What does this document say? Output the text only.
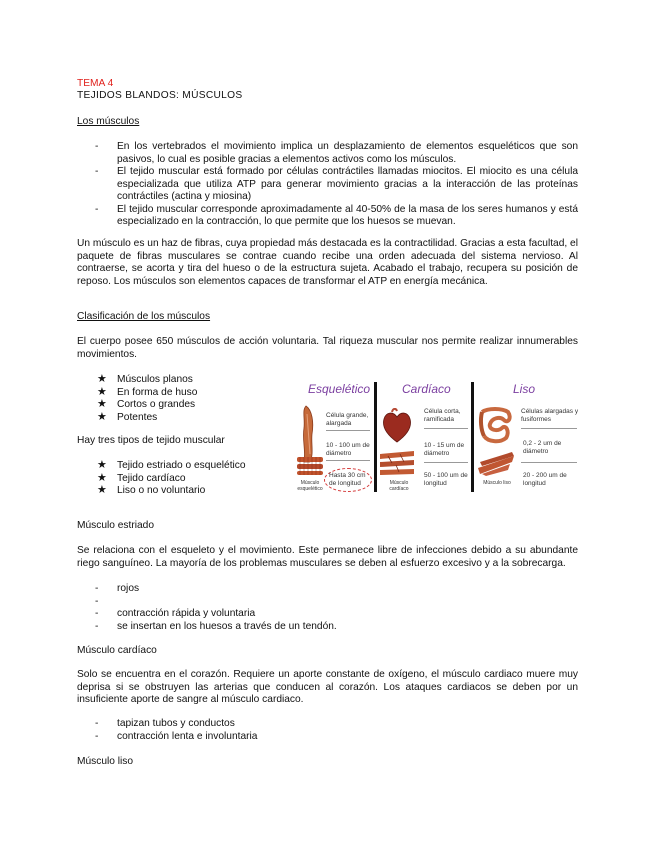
TEMA 4
TEJIDOS BLANDOS: MÚSCULOS
Los músculos
-	En los vertebrados el movimiento implica un desplazamiento de elementos esqueléticos que son pasivos, lo cual es posible gracias a elementos activos como los músculos.
-	El tejido muscular está formado por células contráctiles llamadas miocitos. El miocito es una célula especializada que utiliza ATP para generar movimiento gracias a la interacción de las proteínas contráctiles (actina y miosina)
-	El tejido muscular corresponde aproximadamente al 40-50% de la masa de los seres humanos y está especializado en la contracción, lo que permite que los huesos se muevan.
Un músculo es un haz de fibras, cuya propiedad más destacada es la contractilidad. Gracias a esta facultad, el paquete de fibras musculares se contrae cuando recibe una orden adecuada del sistema nervioso. Al contraerse, se acorta y tira del hueso o de la estructura sujeta. Acabado el trabajo, recupera su posición de reposo. Los músculos son elementos capaces de transformar el ATP en energía mecánica.
Clasificación de los músculos
El cuerpo posee 650 músculos de acción voluntaria. Tal riqueza muscular nos permite realizar innumerables movimientos.
★ Músculos planos
★ En forma de huso
★ Cortos o grandes
★ Potentes
Hay tres tipos de tejido muscular
★ Tejido estriado o esquelético
★ Tejido cardíaco
★ Liso o no voluntario
Esquelético	Cardíaco	Liso
Célula grande, alargada
10 - 100 um de diámetro
Hasta 30 cm de longitud
Músculo esquelético
Célula corta, ramificada
10 - 15 um de diámetro
50 - 100 um de longitud
Músculo cardíaco
Células alargadas y fusiformes
0,2 - 2 um de diámetro
20 - 200 um de longitud
Músculo liso
Músculo estriado
Se relaciona con el esqueleto y el movimiento. Este permanece libre de infecciones debido a su abundante riego sanguíneo. La mayoría de los problemas musculares se deben al esfuerzo excesivo y a la sobrecarga.
-	rojos
-
-	contracción rápida y voluntaria
-	se insertan en los huesos a través de un tendón.
Músculo cardíaco
Solo se encuentra en el corazón. Requiere un aporte constante de oxígeno, el músculo cardiaco muere muy deprisa si se obstruyen las arterias que conducen al corazón. Los ataques cardiacos se deben por un insuficiente aporte de sangre al músculo cardiaco.
-	tapizan tubos y conductos
-	contracción lenta e involuntaria
Músculo liso
